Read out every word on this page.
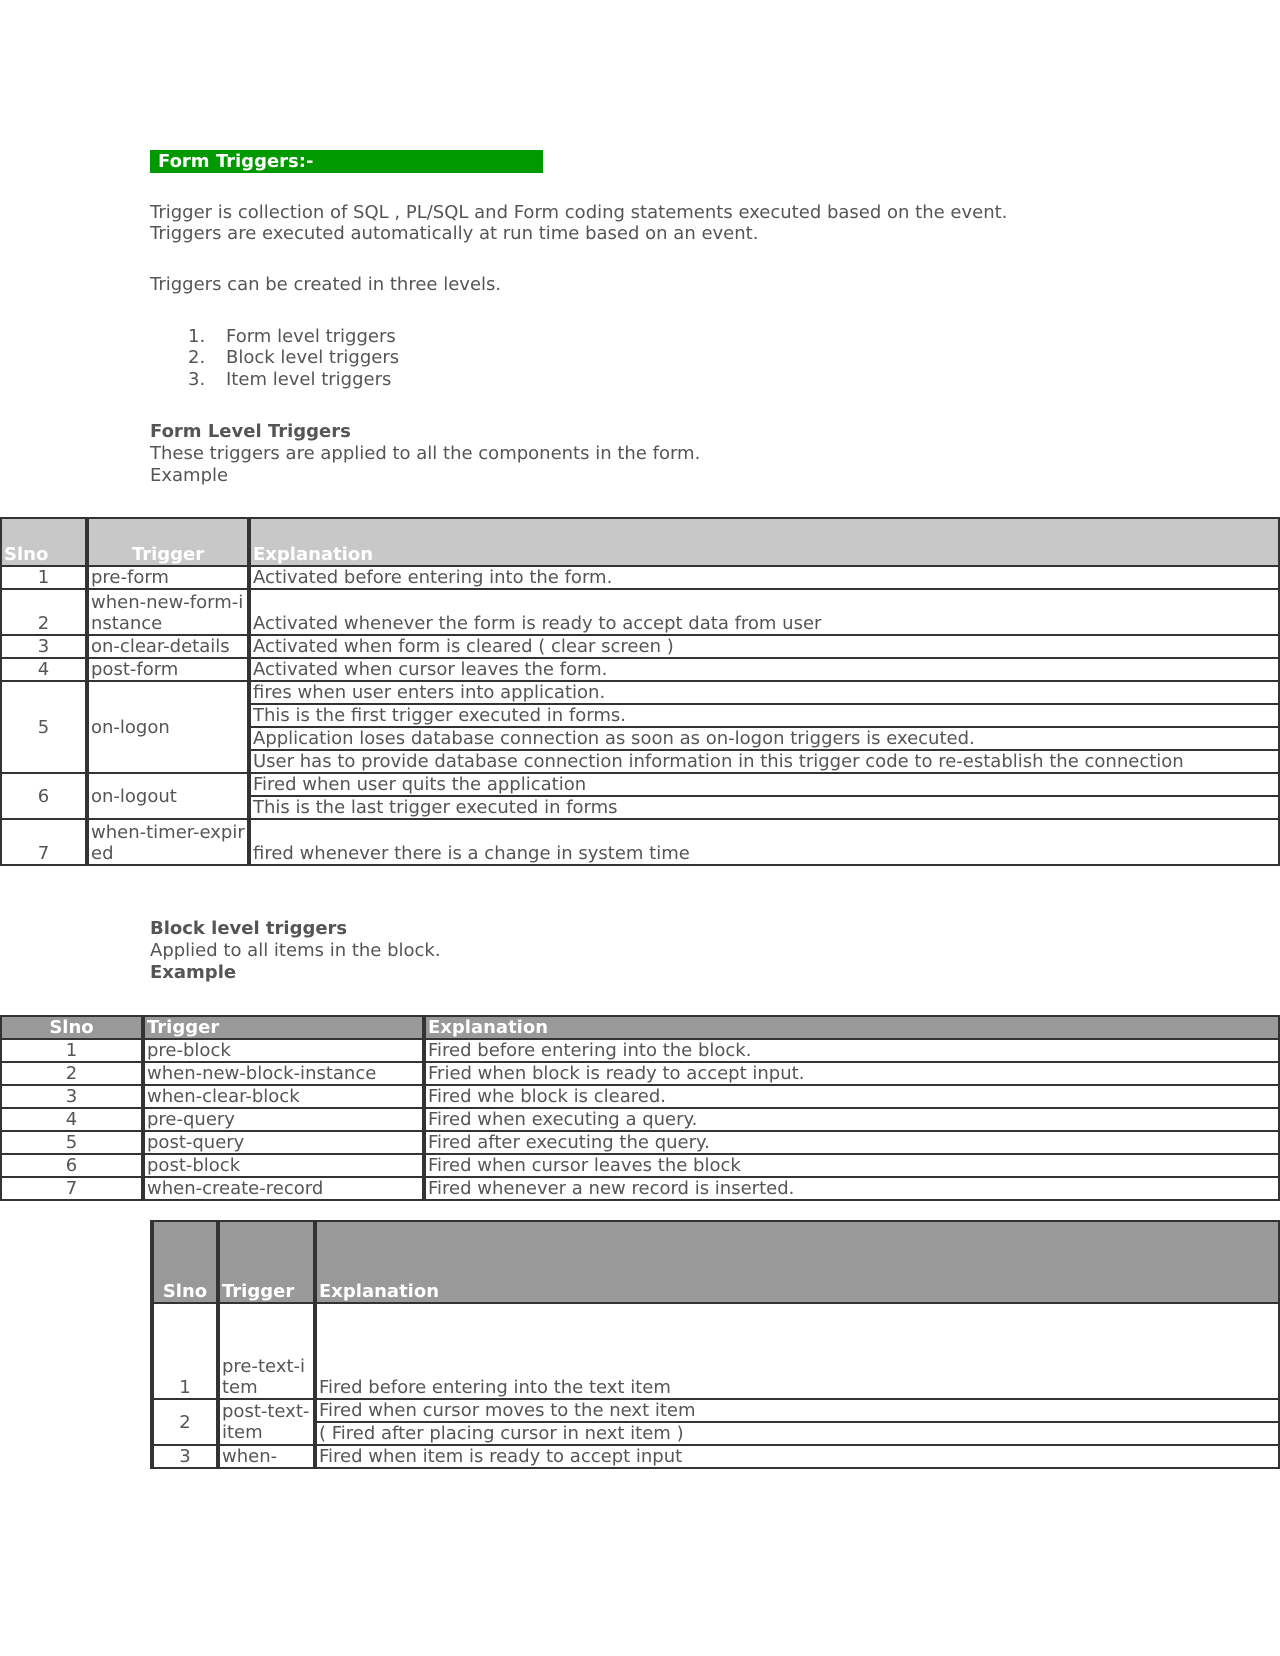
Form Triggers:-
Trigger is collection of SQL , PL/SQL and Form coding statements executed based on the event.
Triggers are executed automatically at run time based on an event.
Triggers can be created in three levels.
1. Form level triggers
2. Block level triggers
3. Item level triggers
Form Level Triggers
These triggers are applied to all the components in the form.
Example
Slno	Trigger	Explanation
1	pre-form	Activated before entering into the form.
2	when-new-form-instance	Activated whenever the form is ready to accept data from user
3	on-clear-details	Activated when form is cleared ( clear screen )
4	post-form	Activated when cursor leaves the form.
5	on-logon	fires when user enters into application.
		This is the first trigger executed in forms.
		Application loses database connection as soon as on-logon triggers is executed.
		User has to provide database connection information in this trigger code to re-establish the connection
6	on-logout	Fired when user quits the application
		This is the last trigger executed in forms
7	when-timer-expired	fired whenever there is a change in system time
Block level triggers
Applied to all items in the block.
Example
Slno	Trigger	Explanation
1	pre-block	Fired before entering into the block.
2	when-new-block-instance	Fried when block is ready to accept input.
3	when-clear-block	Fired whe block is cleared.
4	pre-query	Fired when executing a query.
5	post-query	Fired after executing the query.
6	post-block	Fired when cursor leaves the block
7	when-create-record	Fired whenever a new record is inserted.
Slno	Trigger	Explanation
1	pre-text-item	Fired before entering into the text item
2	post-text-item	Fired when cursor moves to the next item
		( Fired after placing cursor in next item )
3	when-	Fired when item is ready to accept input
